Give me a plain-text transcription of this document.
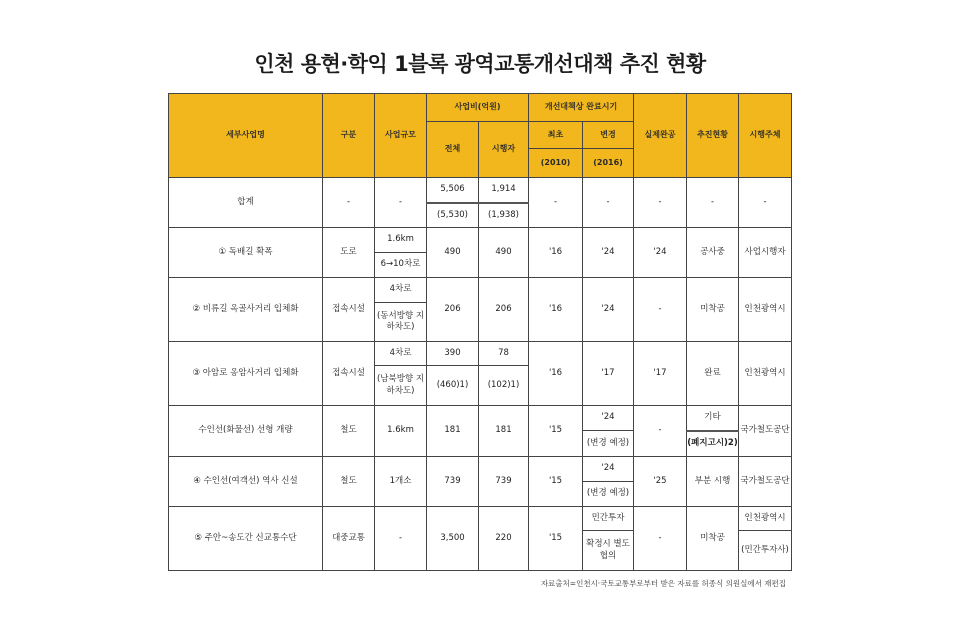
인천 용현·학익 1블록 광역교통개선대책 추진 현황
세부사업명	구분	사업규모	사업비(억원)		개선대책상 완료시기		실제완공	추진현황	시행주체
			전체	시행자	최초	변경			
					(2010)	(2016)			
합계	-	-	5,506	1,914	-	-	-	-	-
			(5,530)	(1,938)					
① 독배길 확폭	도로	1.6km	490	490	'16	'24	'24	공사중	사업시행자
		6→10차로							
② 비류길 옥골사거리 입체화	접속시설	4차로	206	206	'16	'24	-	미착공	인천광역시
		(동서방향 지하차도)							
③ 아암로 옹암사거리 입체화	접속시설	4차로	390	78	'16	'17	'17	완료	인천광역시
		(남북방향 지하차도)	(460)1)	(102)1)					
수인선(화물선) 선형 개량	철도	1.6km	181	181	'15	'24	-	기타	국가철도공단
						(변경 예정)		(폐지고시)2)	
④ 수인선(여객선) 역사 신설	철도	1개소	739	739	'15	'24	'25	부분 시행	국가철도공단
						(변경 예정)			
⑤ 주안~송도간 신교통수단	대중교통	-	3,500	220	'15	민간투자	-	미착공	인천광역시
						확정시 별도 협의			(민간투자사)
자료출처=인천시·국토교통부로부터 받은 자료를 허종식 의원실에서 재편집
